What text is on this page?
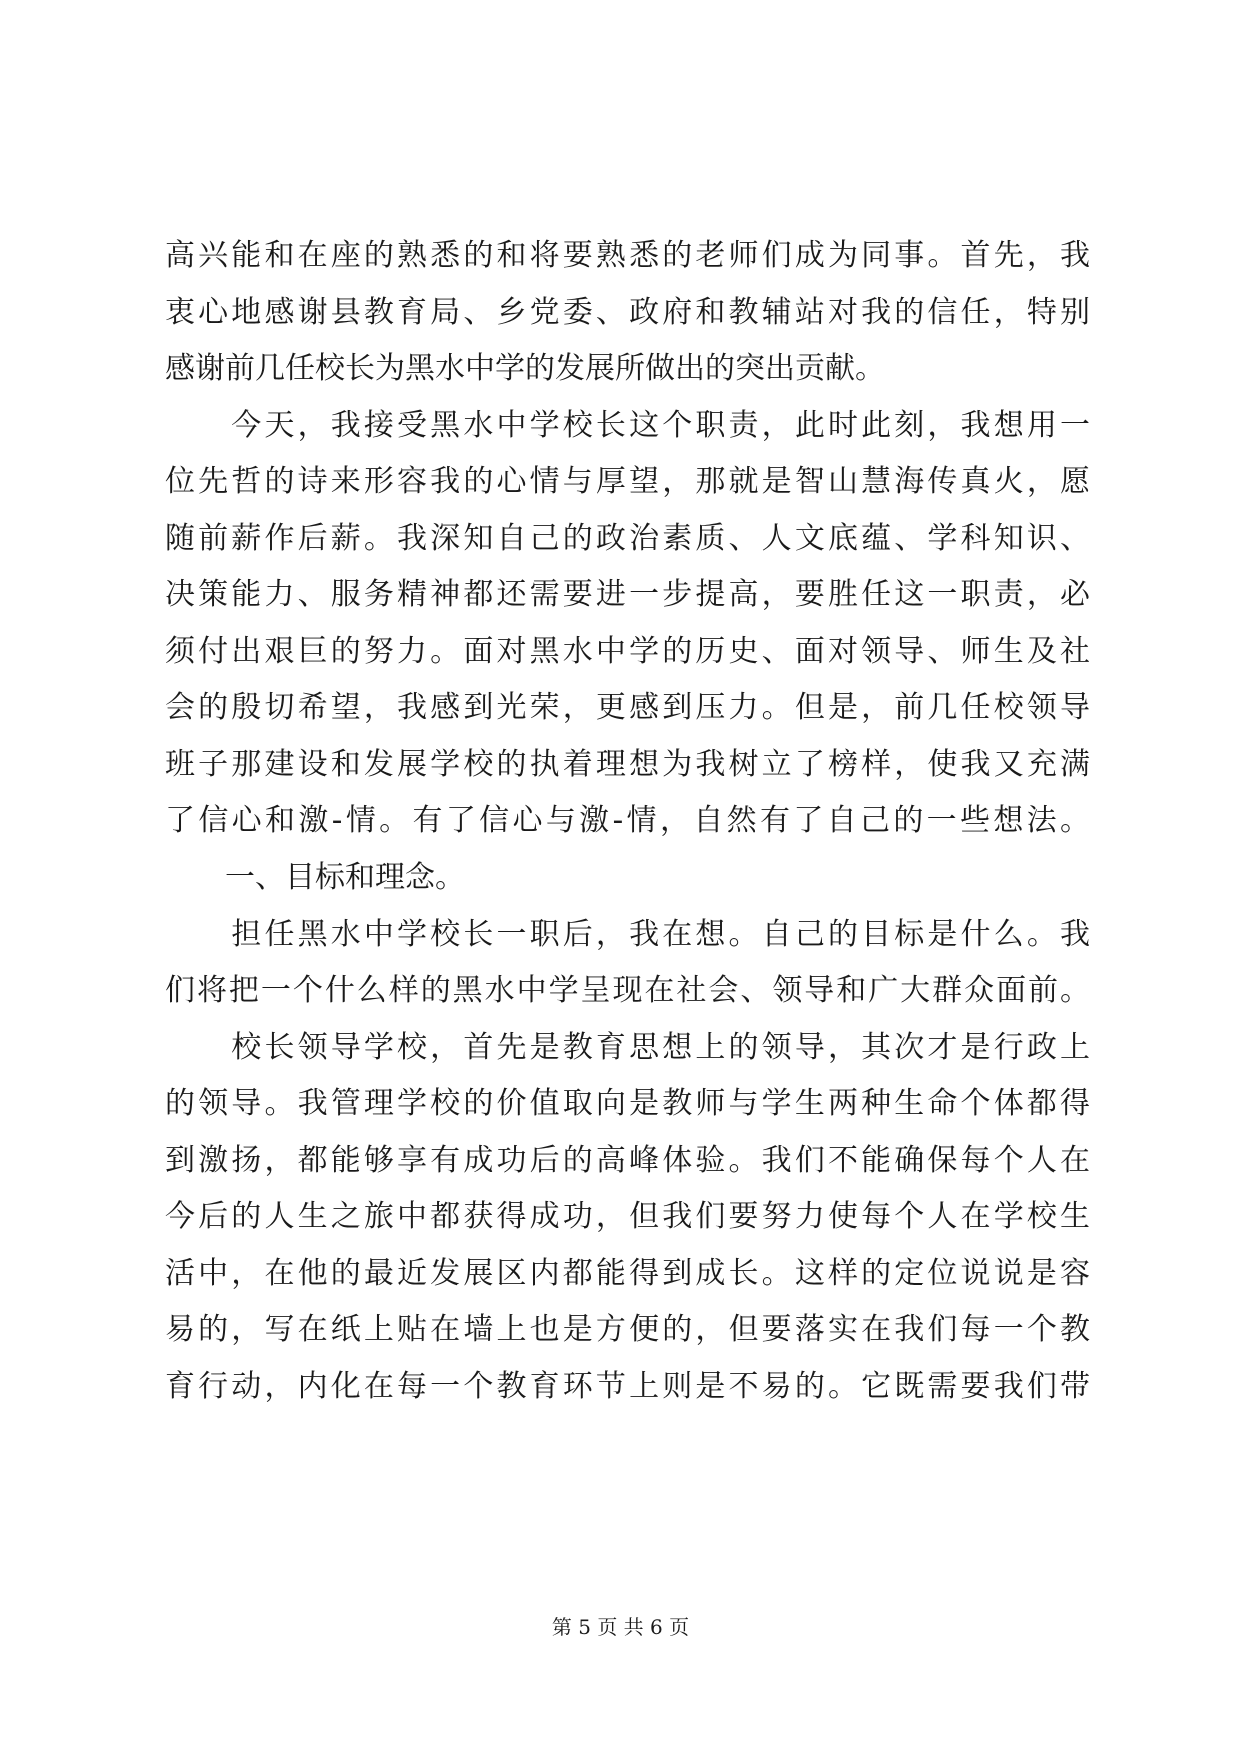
高兴能和在座的熟悉的和将要熟悉的老师们成为同事。首先，我
衷心地感谢县教育局、乡党委、政府和教辅站对我的信任，特别
感谢前几任校长为黑水中学的发展所做出的突出贡献。
　　今天，我接受黑水中学校长这个职责，此时此刻，我想用一
位先哲的诗来形容我的心情与厚望，那就是智山慧海传真火，愿
随前薪作后薪。我深知自己的政治素质、人文底蕴、学科知识、
决策能力、服务精神都还需要进一步提高，要胜任这一职责，必
须付出艰巨的努力。面对黑水中学的历史、面对领导、师生及社
会的殷切希望，我感到光荣，更感到压力。但是，前几任校领导
班子那建设和发展学校的执着理想为我树立了榜样，使我又充满
了信心和激-情。有了信心与激-情，自然有了自己的一些想法。
　　一、目标和理念。
　　担任黑水中学校长一职后，我在想。自己的目标是什么。我
们将把一个什么样的黑水中学呈现在社会、领导和广大群众面前。
　　校长领导学校，首先是教育思想上的领导，其次才是行政上
的领导。我管理学校的价值取向是教师与学生两种生命个体都得
到激扬，都能够享有成功后的高峰体验。我们不能确保每个人在
今后的人生之旅中都获得成功，但我们要努力使每个人在学校生
活中，在他的最近发展区内都能得到成长。这样的定位说说是容
易的，写在纸上贴在墙上也是方便的，但要落实在我们每一个教
育行动，内化在每一个教育环节上则是不易的。它既需要我们带
第 5 页 共 6 页
